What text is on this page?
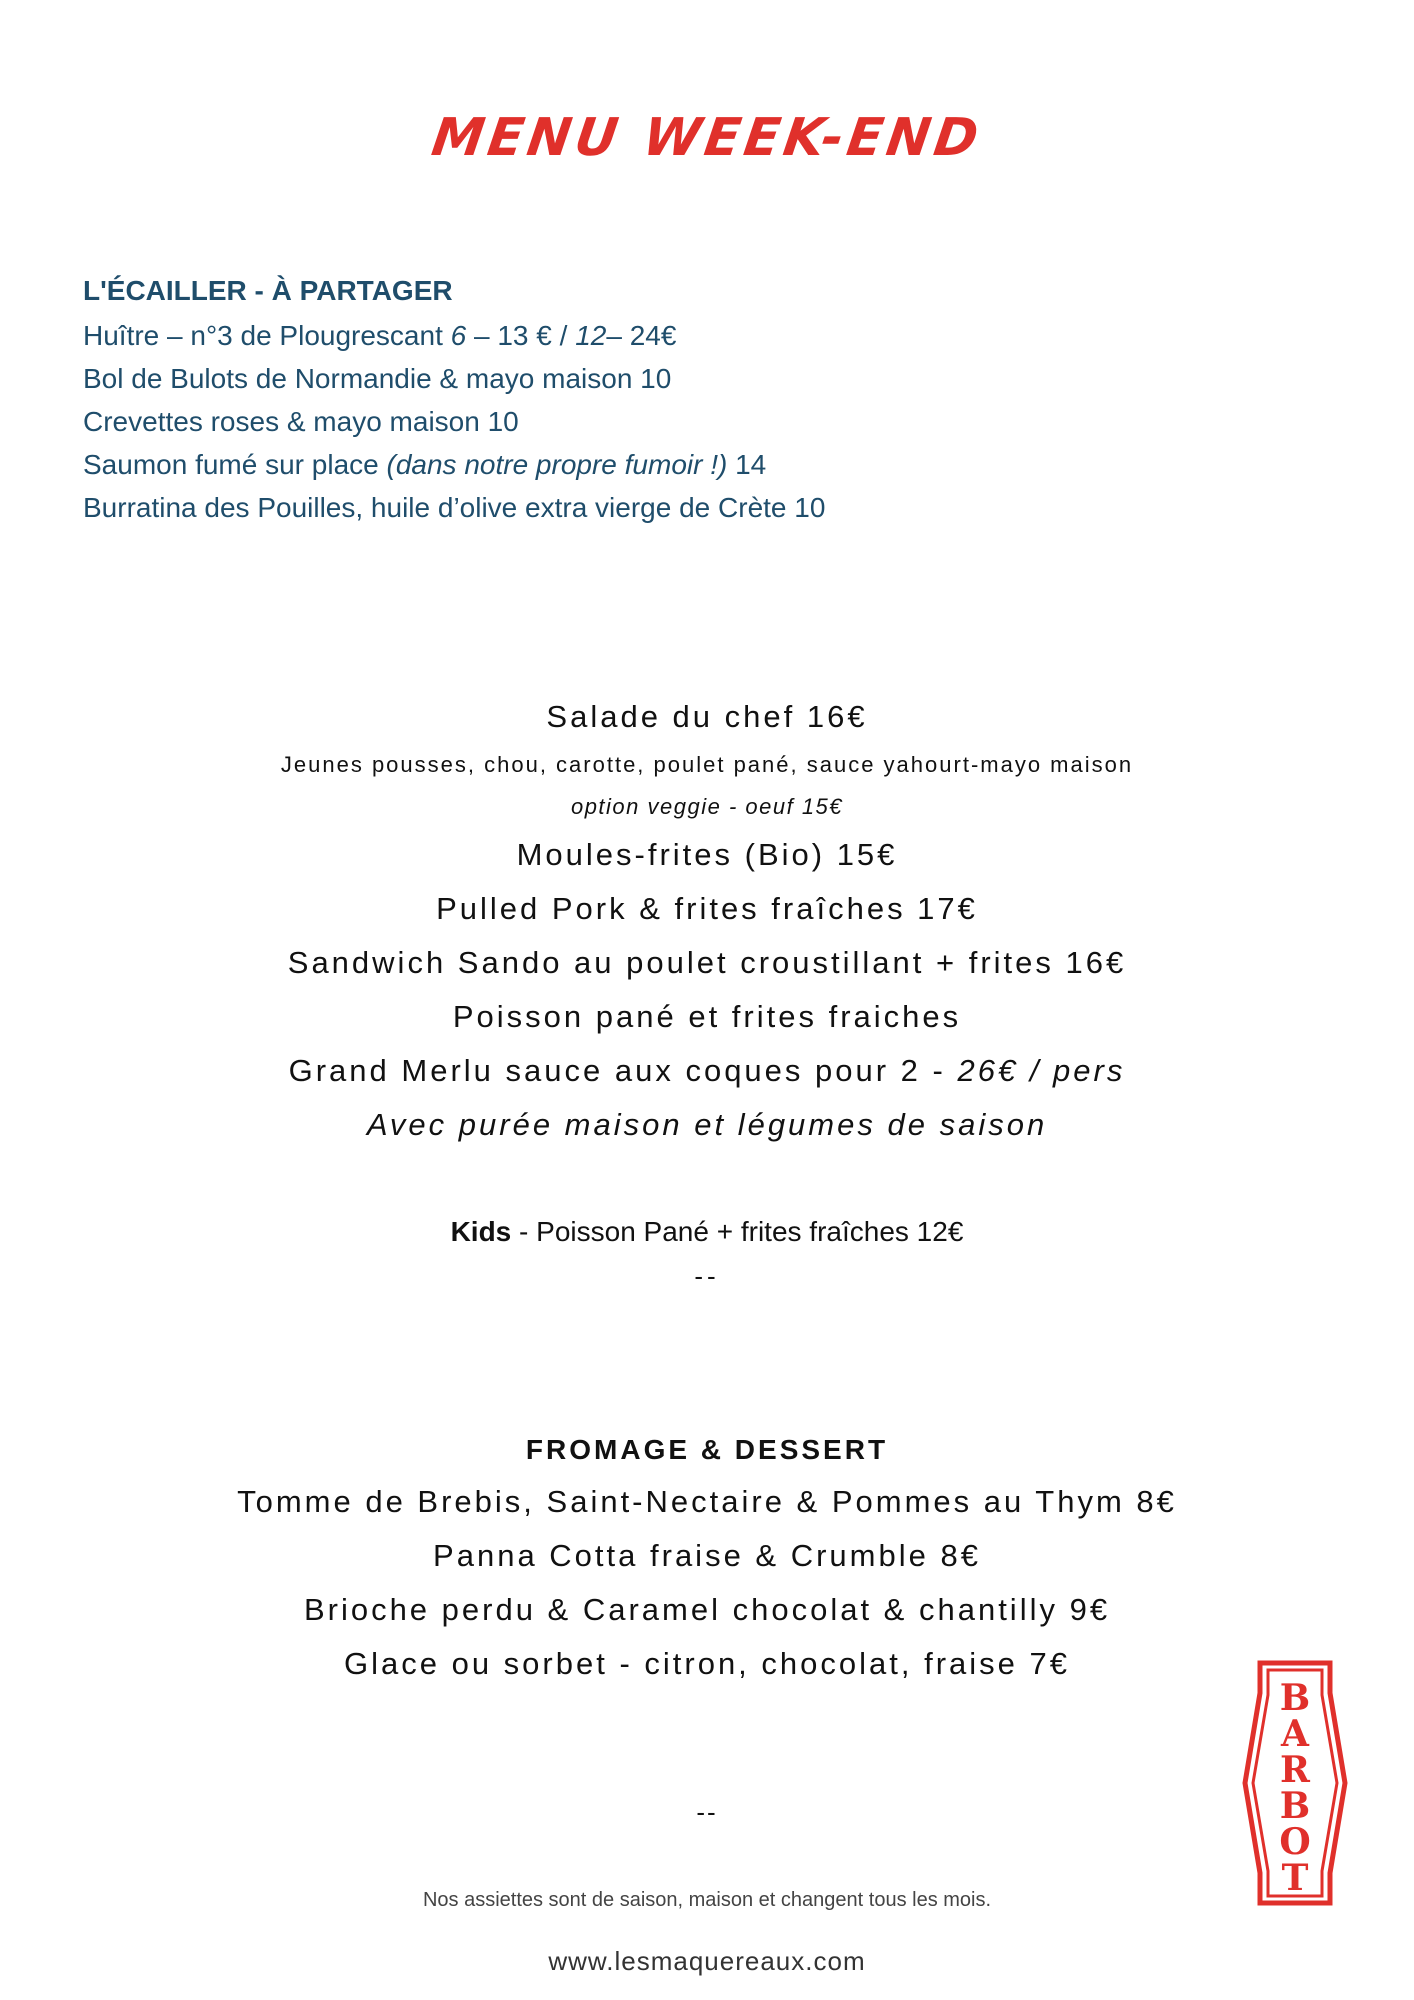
MENU WEEK-END
L'ÉCAILLER - À PARTAGER
Huître – n°3 de Plougrescant 6 – 13 € / 12– 24€
Bol de Bulots de Normandie & mayo maison 10
Crevettes roses & mayo maison 10
Saumon fumé sur place (dans notre propre fumoir !) 14
Burratina des Pouilles, huile d’olive extra vierge de Crète 10
Salade du chef 16€
Jeunes pousses, chou, carotte, poulet pané, sauce yahourt-mayo maison
option veggie - oeuf 15€
Moules-frites (Bio) 15€
Pulled Pork & frites fraîches 17€
Sandwich Sando au poulet croustillant + frites 16€
Poisson pané et frites fraiches
Grand Merlu sauce aux coques pour 2 - 26€ / pers
Avec purée maison et légumes de saison
Kids - Poisson Pané + frites fraîches 12€
--
FROMAGE & DESSERT
Tomme de Brebis, Saint-Nectaire & Pommes au Thym 8€
Panna Cotta fraise & Crumble 8€
Brioche perdu & Caramel chocolat & chantilly 9€
Glace ou sorbet - citron, chocolat, fraise 7€
--
Nos assiettes sont de saison, maison et changent tous les mois.
www.lesmaquereaux.com
B
A
R
B
O
T
